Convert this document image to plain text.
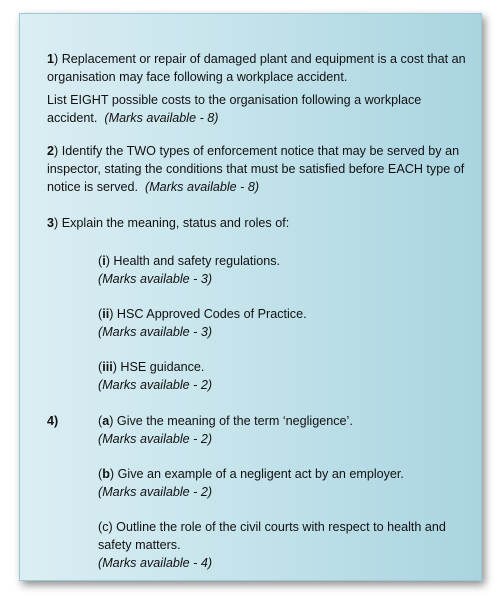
1) Replacement or repair of damaged plant and equipment is a cost that an organisation may face following a workplace accident.
List EIGHT possible costs to the organisation following a workplace accident. (Marks available - 8)
2) Identify the TWO types of enforcement notice that may be served by an inspector, stating the conditions that must be satisfied before EACH type of notice is served. (Marks available - 8)
3) Explain the meaning, status and roles of:
(i) Health and safety regulations.
(Marks available - 3)
(ii) HSC Approved Codes of Practice.
(Marks available - 3)
(iii) HSE guidance.
(Marks available - 2)
4)	(a) Give the meaning of the term ‘negligence’.
(Marks available - 2)
(b) Give an example of a negligent act by an employer.
(Marks available - 2)
(c) Outline the role of the civil courts with respect to health and safety matters.
(Marks available - 4)
